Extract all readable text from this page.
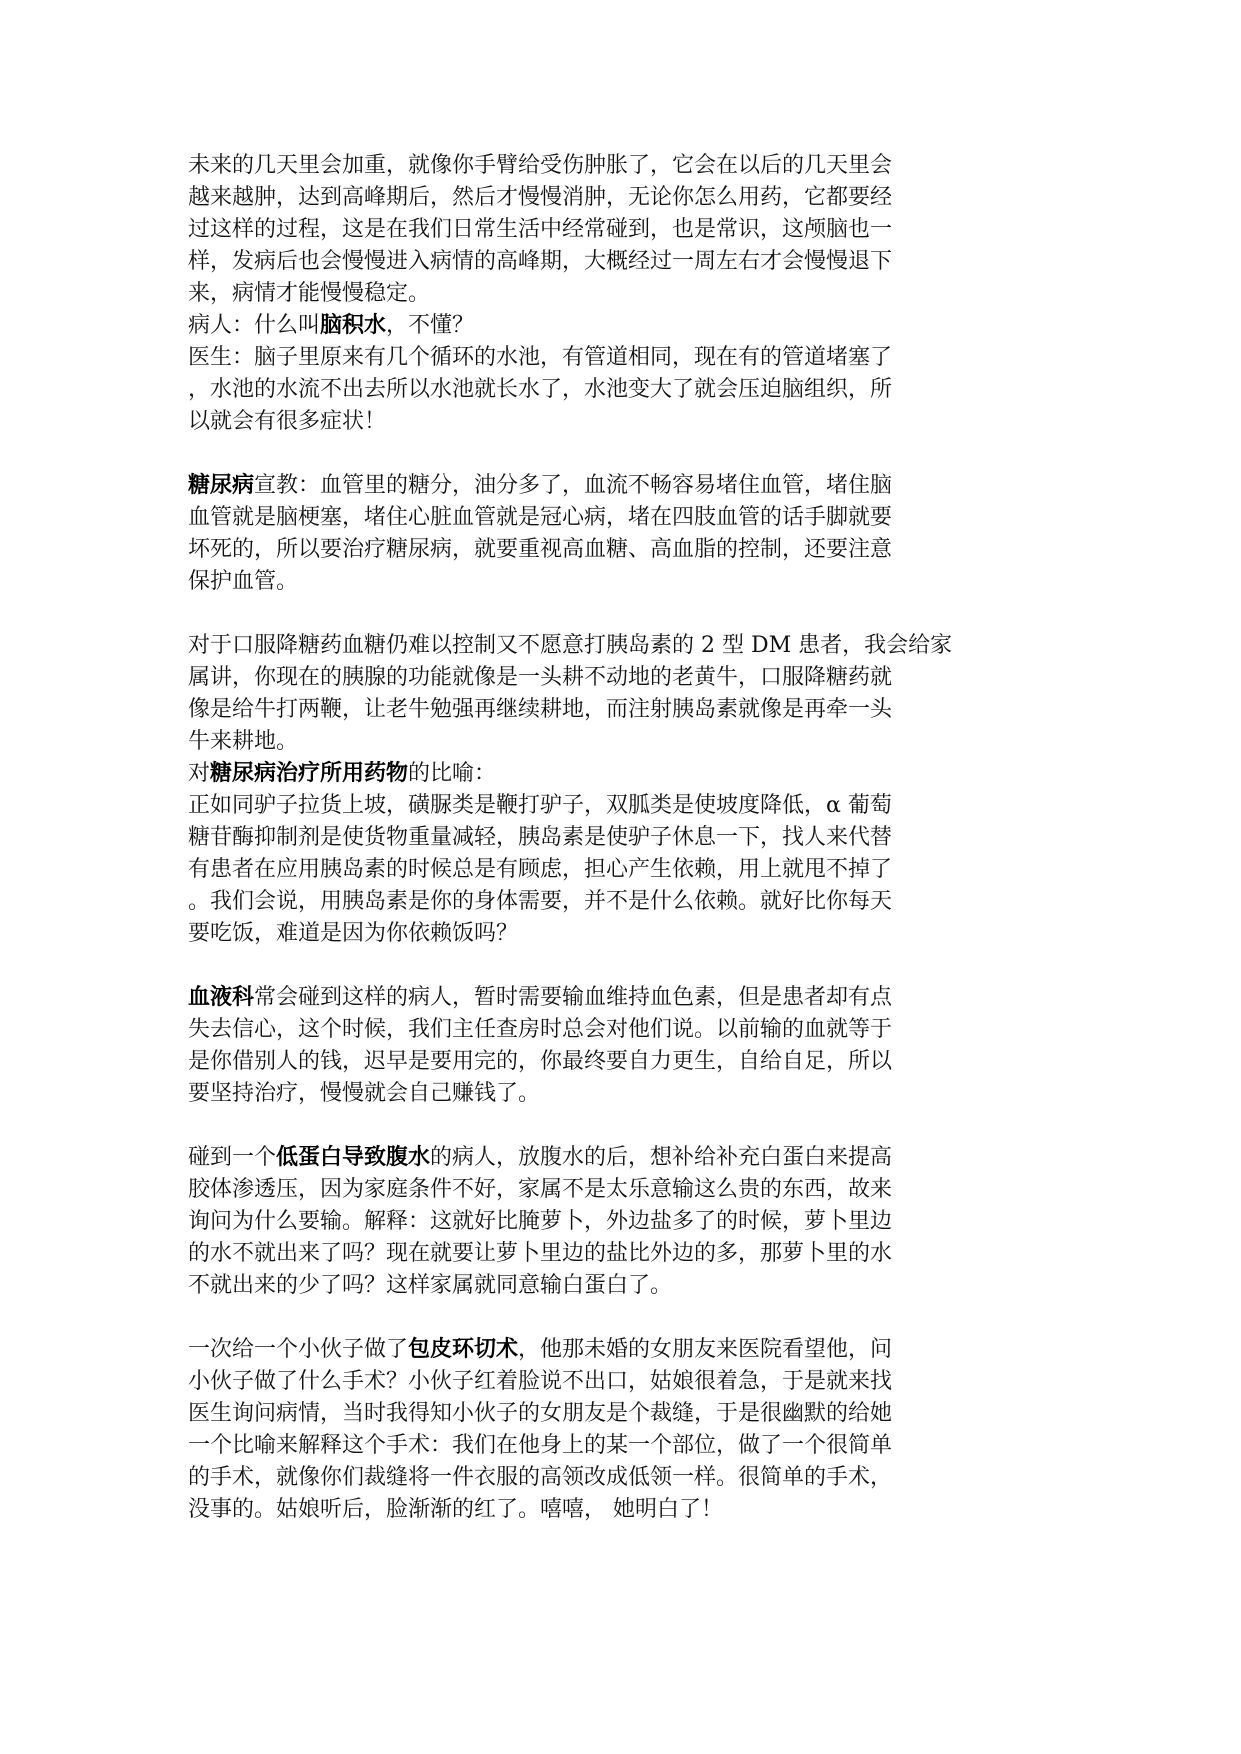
未来的几天里会加重，就像你手臂给受伤肿胀了，它会在以后的几天里会
越来越肿，达到高峰期后，然后才慢慢消肿，无论你怎么用药，它都要经
过这样的过程，这是在我们日常生活中经常碰到，也是常识，这颅脑也一
样，发病后也会慢慢进入病情的高峰期，大概经过一周左右才会慢慢退下
来，病情才能慢慢稳定。
病人：什么叫脑积水，不懂？
医生：脑子里原来有几个循环的水池，有管道相同，现在有的管道堵塞了
，水池的水流不出去所以水池就长水了，水池变大了就会压迫脑组织，所
以就会有很多症状！
糖尿病宣教：血管里的糖分，油分多了，血流不畅容易堵住血管，堵住脑
血管就是脑梗塞，堵住心脏血管就是冠心病，堵在四肢血管的话手脚就要
坏死的，所以要治疗糖尿病，就要重视高血糖、高血脂的控制，还要注意
保护血管。
对于口服降糖药血糖仍难以控制又不愿意打胰岛素的 2 型 DM 患者，我会给家
属讲，你现在的胰腺的功能就像是一头耕不动地的老黄牛，口服降糖药就
像是给牛打两鞭，让老牛勉强再继续耕地，而注射胰岛素就像是再牵一头
牛来耕地。
对糖尿病治疗所用药物的比喻：
正如同驴子拉货上坡，磺脲类是鞭打驴子，双胍类是使坡度降低，α 葡萄
糖苷酶抑制剂是使货物重量减轻，胰岛素是使驴子休息一下，找人来代替
有患者在应用胰岛素的时候总是有顾虑，担心产生依赖，用上就甩不掉了
。我们会说，用胰岛素是你的身体需要，并不是什么依赖。就好比你每天
要吃饭，难道是因为你依赖饭吗？
血液科常会碰到这样的病人，暂时需要输血维持血色素，但是患者却有点
失去信心，这个时候，我们主任查房时总会对他们说。以前输的血就等于
是你借别人的钱，迟早是要用完的，你最终要自力更生，自给自足，所以
要坚持治疗，慢慢就会自己赚钱了。
碰到一个低蛋白导致腹水的病人，放腹水的后，想补给补充白蛋白来提高
胶体渗透压，因为家庭条件不好，家属不是太乐意输这么贵的东西，故来
询问为什么要输。解释：这就好比腌萝卜，外边盐多了的时候，萝卜里边
的水不就出来了吗？现在就要让萝卜里边的盐比外边的多，那萝卜里的水
不就出来的少了吗？这样家属就同意输白蛋白了。
一次给一个小伙子做了包皮环切术，他那未婚的女朋友来医院看望他，问
小伙子做了什么手术？小伙子红着脸说不出口，姑娘很着急，于是就来找
医生询问病情，当时我得知小伙子的女朋友是个裁缝，于是很幽默的给她
一个比喻来解释这个手术：我们在他身上的某一个部位，做了一个很简单
的手术，就像你们裁缝将一件衣服的高领改成低领一样。很简单的手术，
没事的。姑娘听后，脸渐渐的红了。嘻嘻， 她明白了！
